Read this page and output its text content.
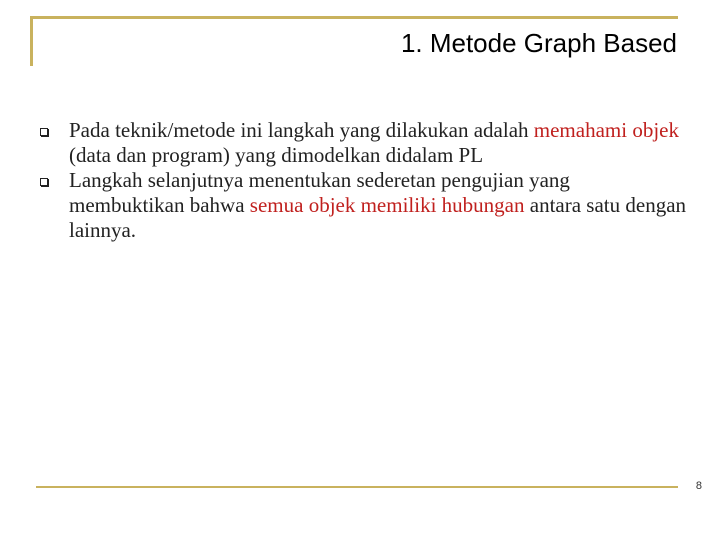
1. Metode Graph Based
Pada teknik/metode ini langkah yang dilakukan adalah memahami objek (data dan program) yang dimodelkan didalam PL
Langkah selanjutnya menentukan sederetan pengujian yang membuktikan bahwa semua objek memiliki hubungan antara satu dengan lainnya.
8
